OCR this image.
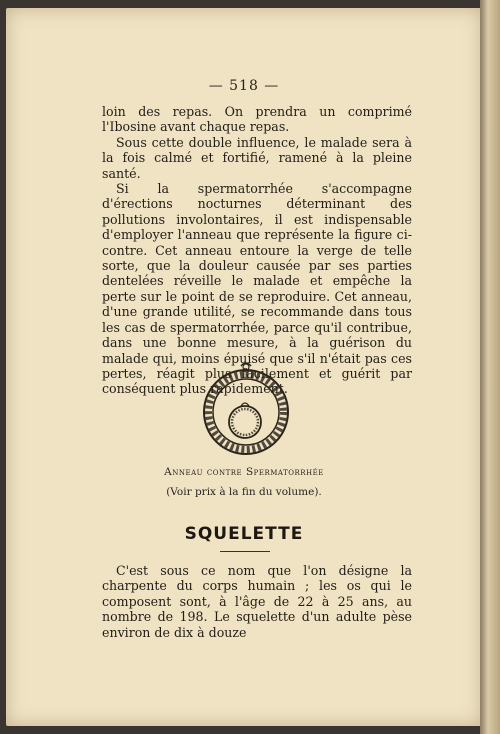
— 518 —

loin des repas. On prendra un comprimé l'Ibosine avant chaque repas.

Sous cette double influence, le malade sera à la fois calmé et fortifié, ramené à la pleine santé.

Si la spermatorrhée s'accompagne d'érections nocturnes déterminant des pollutions involontaires, il est indispensable d'employer l'anneau que représente la figure ci-contre. Cet anneau entoure la verge de telle sorte, que la douleur causée par ses parties dentelées réveille le malade et empêche la perte sur le point de se reproduire. Cet anneau, d'une grande utilité, se recommande dans tous les cas de spermatorrhée, parce qu'il contribue, dans une bonne mesure, à la guérison du malade qui, moins épuisé que s'il n'était pas ces pertes, réagit plus facilement et guérit par conséquent plus rapidement.

Anneau contre Spermatorrhée
(Voir prix à la fin du volume).
SQUELETTE

C'est sous ce nom que l'on désigne la charpente du corps humain ; les os qui le composent sont, à l'âge de 22 à 25 ans, au nombre de 198. Le squelette d'un adulte pèse environ de dix à douze
